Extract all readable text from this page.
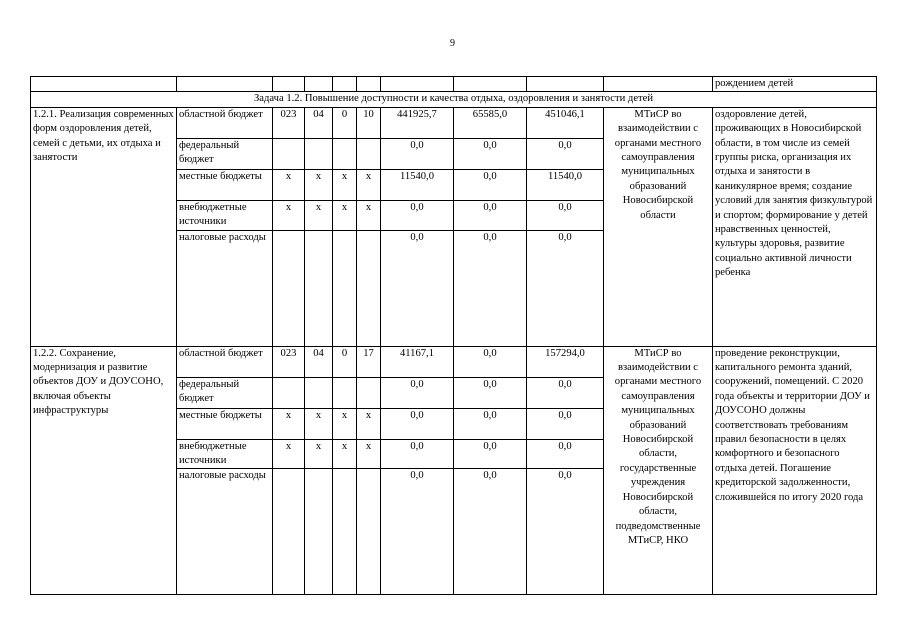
9
										рождением детей
Задача 1.2. Повышение доступности и качества отдыха, оздоровления и занятости детей										
1.2.1. Реализация современных форм оздоровления детей, семей с детьми, их отдыха и занятости	областной бюджет	023	04	0	10	441925,7	65585,0	451046,1	МТиСР во взаимодействии с органами местного самоуправления муниципальных образований Новосибирской области	оздоровление детей, проживающих в Новосибирской области, в том числе из семей группы риска, организация их отдыха и занятости в каникулярное время; создание условий для занятия физкультурой и спортом; формирование у детей нравственных ценностей, культуры здоровья, развитие социально активной личности ребенка
	федеральный бюджет					0,0	0,0	0,0		
	местные бюджеты	х	х	х	х	11540,0	0,0	11540,0		
	внебюджетные источники	х	х	х	х	0,0	0,0	0,0		
	налоговые расходы					0,0	0,0	0,0		
1.2.2. Сохранение, модернизация и развитие объектов ДОУ и ДОУСОНО, включая объекты инфраструктуры	областной бюджет	023	04	0	17	41167,1	0,0	157294,0	МТиСР во взаимодействии с органами местного самоуправления муниципальных образований Новосибирской области, государственные учреждения Новосибирской области, подведомственные МТиСР, НКО	проведение реконструкции, капитального ремонта зданий, сооружений, помещений. С 2020 года объекты и территории ДОУ и ДОУСОНО должны соответствовать требованиям правил безопасности в целях комфортного и безопасного отдыха детей. Погашение кредиторской задолженности, сложившейся по итогу 2020 года
	федеральный бюджет					0,0	0,0	0,0		
	местные бюджеты	х	х	х	х	0,0	0,0	0,0		
	внебюджетные источники	х	х	х	х	0,0	0,0	0,0		
	налоговые расходы					0,0	0,0	0,0		
